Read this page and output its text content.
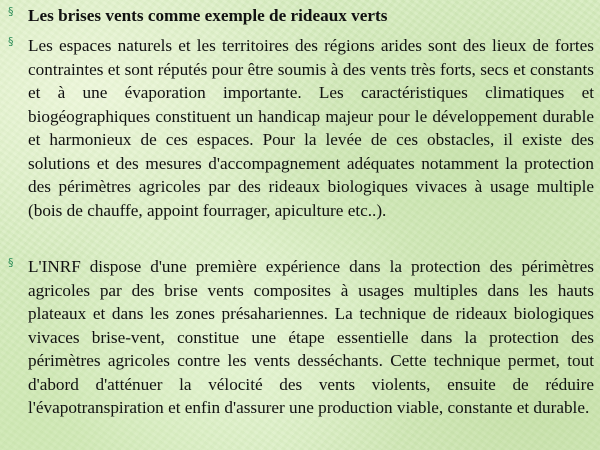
§ Les brises vents comme exemple de rideaux verts
§ Les espaces naturels et les territoires des régions arides sont des lieux de fortes contraintes et sont réputés pour être soumis à des vents très forts, secs et constants et à une évaporation importante. Les caractéristiques climatiques et biogéographiques constituent un handicap majeur pour le développement durable et harmonieux de ces espaces. Pour la levée de ces obstacles, il existe des solutions et des mesures d'accompagnement adéquates notamment la protection des périmètres agricoles par des rideaux biologiques vivaces à usage multiple (bois de chauffe, appoint fourrager, apiculture etc..).
§ L'INRF dispose d'une première expérience dans la protection des périmètres agricoles par des brise vents composites à usages multiples dans les hauts plateaux et dans les zones présahariennes. La technique de rideaux biologiques vivaces brise-vent, constitue une étape essentielle dans la protection des périmètres agricoles contre les vents desséchants. Cette technique permet, tout d'abord d'atténuer la vélocité des vents violents, ensuite de réduire l'évapotranspiration et enfin d'assurer une production viable, constante et durable.
